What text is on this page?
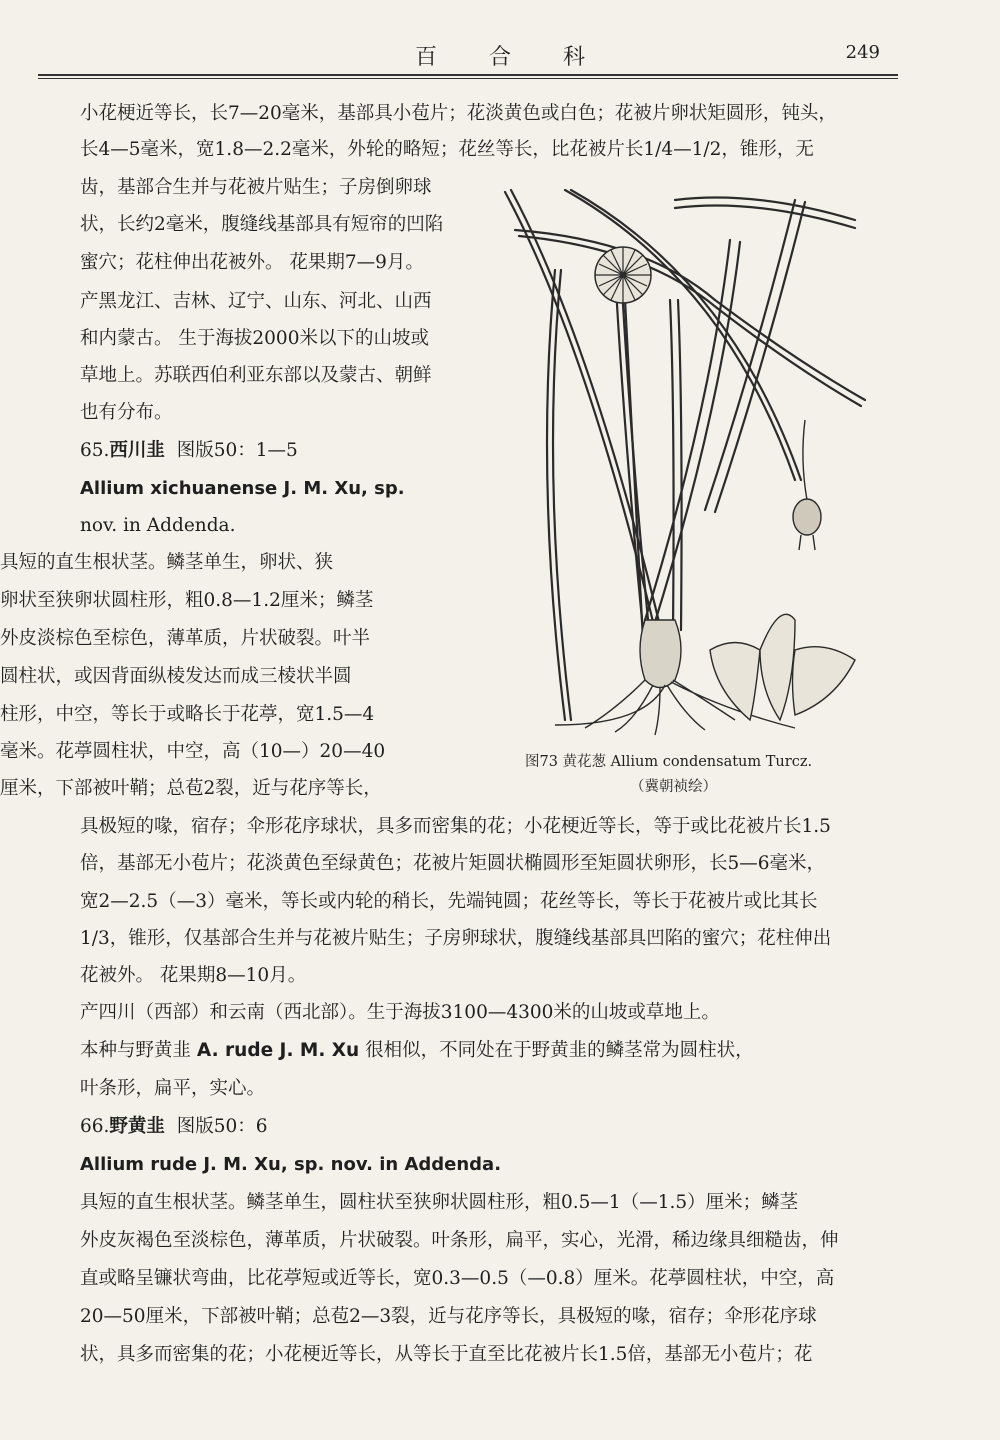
百合科	249
小花梗近等长，长7—20毫米，基部具小苞片；花淡黄色或白色；花被片卵状矩圆形，钝头，
长4—5毫米，宽1.8—2.2毫米，外轮的略短；花丝等长，比花被片长1/4—1/2，锥形，无
齿，基部合生并与花被片贴生；子房倒卵球
状，长约2毫米，腹缝线基部具有短帘的凹陷
蜜穴；花柱伸出花被外。 花果期7—9月。
产黑龙江、吉林、辽宁、山东、河北、山西
和内蒙古。 生于海拔2000米以下的山坡或
草地上。苏联西伯利亚东部以及蒙古、朝鲜
也有分布。
65.西川韭 图版50：1—5
Allium xichuanense J. M. Xu, sp.
nov. in Addenda.
具短的直生根状茎。鳞茎单生，卵状、狭
卵状至狭卵状圆柱形，粗0.8—1.2厘米；鳞茎
外皮淡棕色至棕色，薄革质，片状破裂。叶半
圆柱状，或因背面纵棱发达而成三棱状半圆
柱形，中空，等长于或略长于花葶，宽1.5—4
毫米。花葶圆柱状，中空，高（10—）20—40
厘米，下部被叶鞘；总苞2裂，近与花序等长，
具极短的喙，宿存；伞形花序球状，具多而密集的花；小花梗近等长，等于或比花被片长1.5
倍，基部无小苞片；花淡黄色至绿黄色；花被片矩圆状椭圆形至矩圆状卵形，长5—6毫米，
宽2—2.5（—3）毫米，等长或内轮的稍长，先端钝圆；花丝等长，等长于花被片或比其长
1/3，锥形，仅基部合生并与花被片贴生；子房卵球状，腹缝线基部具凹陷的蜜穴；花柱伸出
花被外。 花果期8—10月。
产四川（西部）和云南（西北部）。生于海拔3100—4300米的山坡或草地上。
本种与野黄韭 A. rude J. M. Xu 很相似，不同处在于野黄韭的鳞茎常为圆柱状，
叶条形，扁平，实心。
66.野黄韭 图版50：6
Allium rude J. M. Xu, sp. nov. in Addenda.
具短的直生根状茎。鳞茎单生，圆柱状至狭卵状圆柱形，粗0.5—1（—1.5）厘米；鳞茎
外皮灰褐色至淡棕色，薄革质，片状破裂。叶条形，扁平，实心，光滑，稀边缘具细糙齿，伸
直或略呈镰状弯曲，比花葶短或近等长，宽0.3—0.5（—0.8）厘米。花葶圆柱状，中空，高
20—50厘米，下部被叶鞘；总苞2—3裂，近与花序等长，具极短的喙，宿存；伞形花序球
状，具多而密集的花；小花梗近等长，从等长于直至比花被片长1.5倍，基部无小苞片；花
图73 黄花葱 Allium condensatum Turcz.
（冀朝祯绘）
